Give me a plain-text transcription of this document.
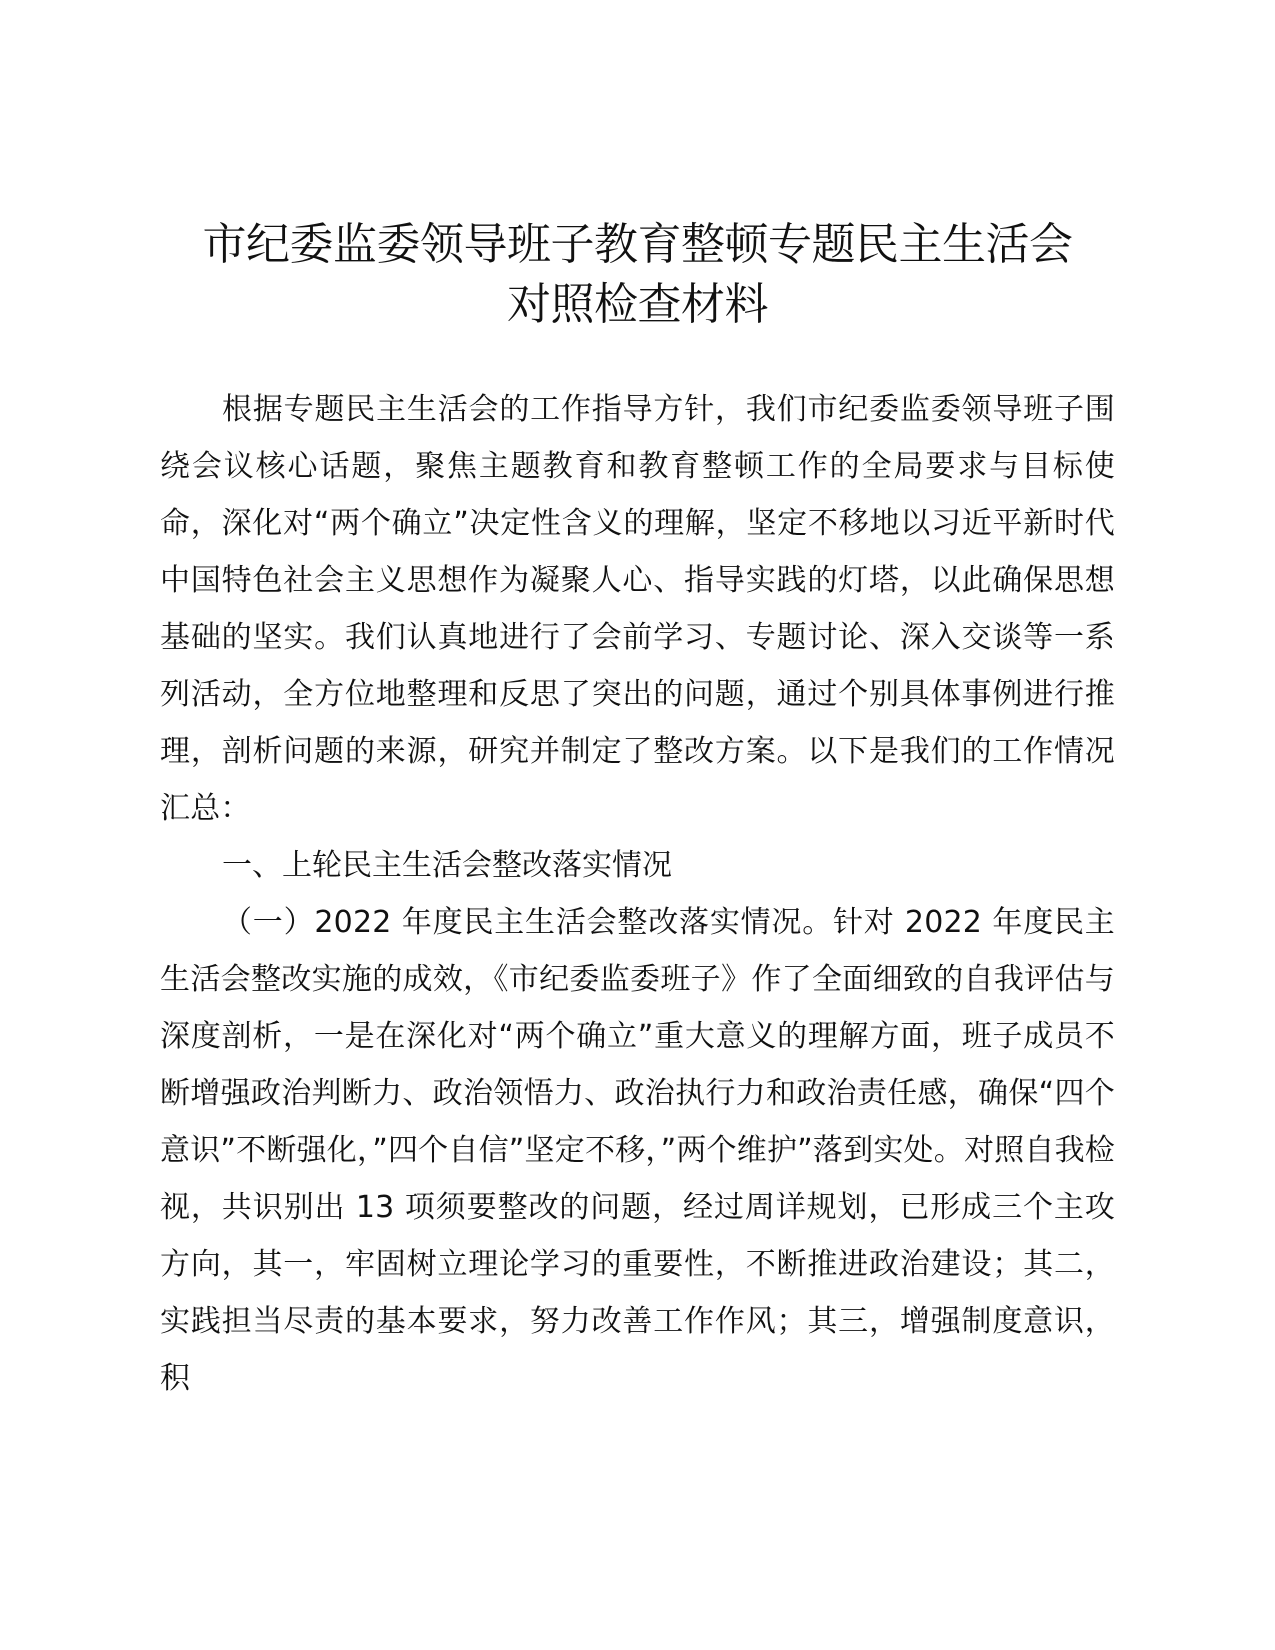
市纪委监委领导班子教育整顿专题民主生活会
对照检查材料

根据专题民主生活会的工作指导方针，我们市纪委监委领导班子围绕会议核心话题，聚焦主题教育和教育整顿工作的全局要求与目标使命，深化对“两个确立”决定性含义的理解，坚定不移地以习近平新时代中国特色社会主义思想作为凝聚人心、指导实践的灯塔，以此确保思想基础的坚实。我们认真地进行了会前学习、专题讨论、深入交谈等一系列活动，全方位地整理和反思了突出的问题，通过个别具体事例进行推理，剖析问题的来源，研究并制定了整改方案。以下是我们的工作情况汇总：

一、上轮民主生活会整改落实情况

（一）2022 年度民主生活会整改落实情况。针对 2022 年度民主生活会整改实施的成效，《市纪委监委班子》作了全面细致的自我评估与深度剖析，一是在深化对“两个确立”重大意义的理解方面，班子成员不断增强政治判断力、政治领悟力、政治执行力和政治责任感，确保“四个意识”不断强化，”四个自信”坚定不移，”两个维护”落到实处。对照自我检视，共识别出 13 项须要整改的问题，经过周详规划，已形成三个主攻方向，其一，牢固树立理论学习的重要性，不断推进政治建设；其二，实践担当尽责的基本要求，努力改善工作作风；其三，增强制度意识，积
